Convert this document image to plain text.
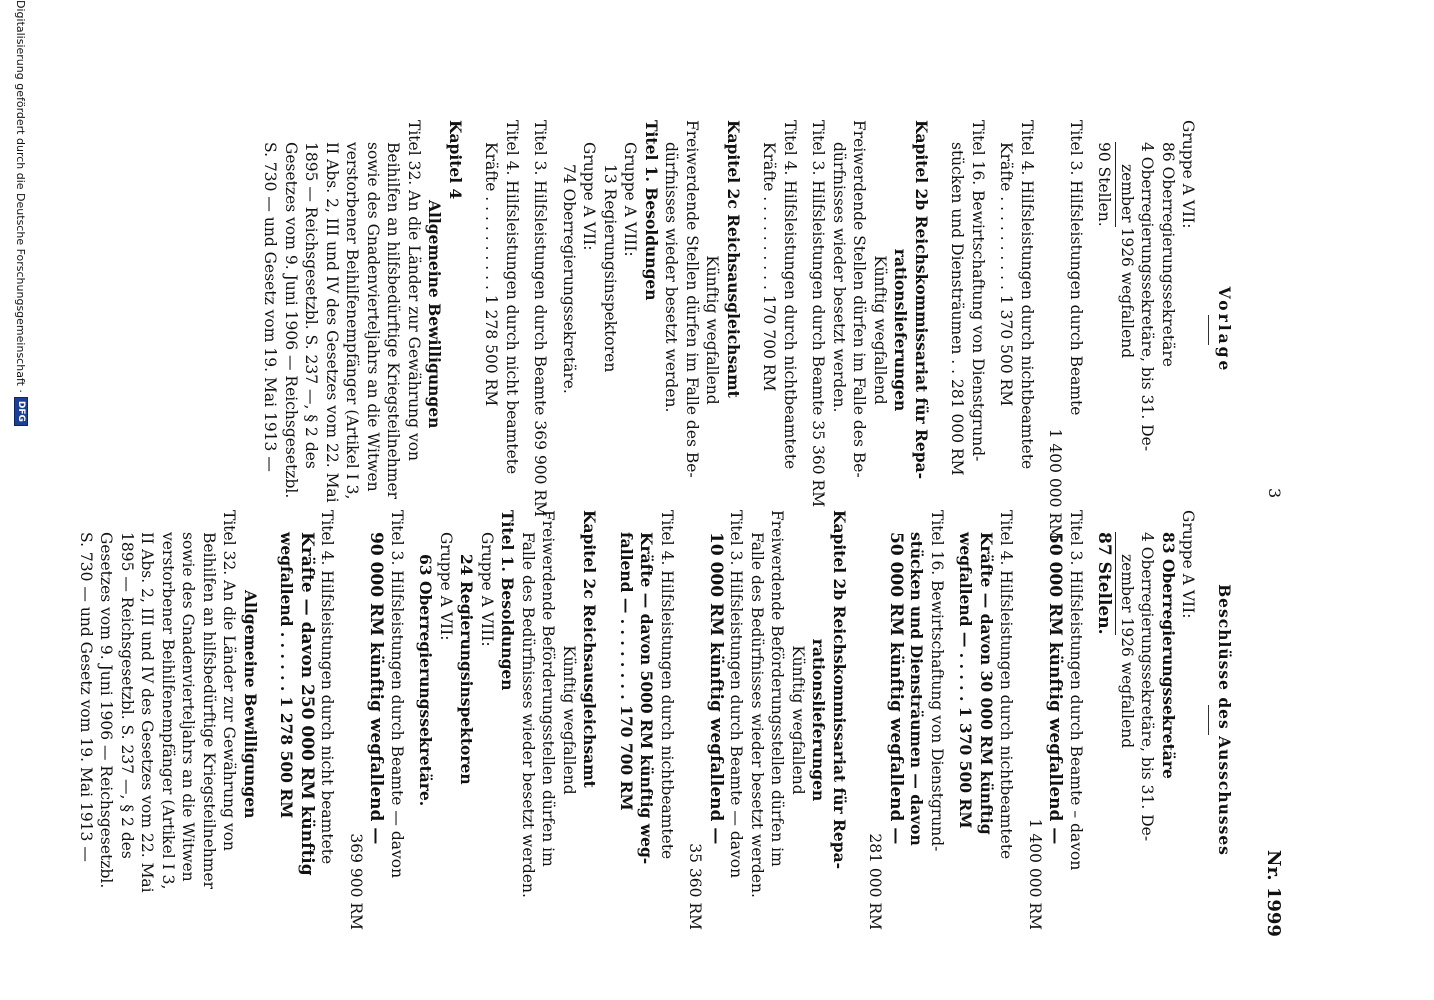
3
Nr. 1999
Vorlage
Gruppe A VII:
86 Oberregierungssekretäre
4 Oberregierungssekretäre, bis 31. De-
zember 1926 wegfallend
90 Stellen.
Titel 3. Hilfsleistungen durch Beamte
1 400 000 RM
Titel 4. Hilfsleistungen durch nichtbeamtete
Kräfte . . . . . . . . . . 1 370 500 RM
Titel 16. Bewirtschaftung von Dienstgrund-
stücken und Diensträumen . . 281 000 RM
Kapitel 2b Reichskommissariat für Repa-
rationslieferungen
Künftig wegfallend
Freiwerdende Stellen dürfen im Falle des Be-
dürfnisses wieder besetzt werden.
Titel 3. Hilfsleistungen durch Beamte 35 360 RM
Titel 4. Hilfsleistungen durch nichtbeamtete
Kräfte . . . . . . . . . . 170 700 RM
Kapitel 2c Reichsausgleichsamt
Künftig wegfallend
Freiwerdende Stellen dürfen im Falle des Be-
dürfnisses wieder besetzt werden.
Titel 1. Besoldungen
Gruppe A VIII:
13 Regierungsinspektoren
Gruppe A VII:
74 Oberregierungssekretäre.
Titel 3. Hilfsleistungen durch Beamte 369 900 RM
Titel 4. Hilfsleistungen durch nicht beamtete
Kräfte . . . . . . . . . . 1 278 500 RM
Kapitel 4
Allgemeine Bewilligungen
Titel 32. An die Länder zur Gewährung von
Beihilfen an hilfsbedürftige Kriegsteilnehmer
sowie des Gnadenvierteljahrs an die Witwen
verstorbener Beihilfenempfänger (Artikel I 3,
II Abs. 2, III und IV des Gesetzes vom 22. Mai
1895 — Reichsgesetzbl. S. 237 —, § 2 des
Gesetzes vom 9. Juni 1906 — Reichsgesetzbl.
S. 730 — und Gesetz vom 19. Mai 1913 —
Beschlüsse des Ausschusses
Gruppe A VII:
83 Oberregierungssekretäre
4 Oberregierungssekretäre, bis 31. De-
zember 1926 wegfallend
87 Stellen.
Titel 3. Hilfsleistungen durch Beamte – davon
50 000 RM künftig wegfallend —
1 400 000 RM
Titel 4. Hilfsleistungen durch nichtbeamtete
Kräfte — davon 30 000 RM künftig
wegfallend — . . . . . 1 370 500 RM
Titel 16. Bewirtschaftung von Dienstgrund-
stücken und Diensträumen — davon
50 000 RM künftig wegfallend —
281 000 RM
Kapitel 2b Reichskommissariat für Repa-
rationslieferungen
Künftig wegfallend
Freiwerdende Beförderungsstellen dürfen im
Falle des Bedürfnisses wieder besetzt werden.
Titel 3. Hilfsleistungen durch Beamte — davon
10 000 RM künftig wegfallend —
35 360 RM
Titel 4. Hilfsleistungen durch nichtbeamtete
Kräfte — davon 5000 RM künftig weg-
fallend — . . . . . . . . 170 700 RM
Kapitel 2c Reichsausgleichsamt
Künftig wegfallend
Freiwerdende Beförderungsstellen dürfen im
Falle des Bedürfnisses wieder besetzt werden.
Titel 1. Besoldungen
Gruppe A VIII:
24 Regierungsinspektoren
Gruppe A VII:
63 Oberregierungssekretäre.
Titel 3. Hilfsleistungen durch Beamte — davon
90 000 RM künftig wegfallend —
369 900 RM
Titel 4. Hilfsleistungen durch nicht beamtete
Kräfte — davon 250 000 RM künftig
wegfallend . . . . . . 1 278 500 RM
Allgemeine Bewilligungen
Titel 32. An die Länder zur Gewährung von
Beihilfen an hilfsbedürftige Kriegsteilnehmer
sowie des Gnadenvierteljahrs an die Witwen
verstorbener Beihilfenempfänger (Artikel I 3,
II Abs. 2, III und IV des Gesetzes vom 22. Mai
1895 — Reichsgesetzbl. S. 237 —, § 2 des
Gesetzes vom 9. Juni 1906 — Reichsgesetzbl.
S. 730 — und Gesetz vom 19. Mai 1913 —
Digitalisierung gefördert durch die Deutsche Forschungsgemeinschaft ·
DFG
